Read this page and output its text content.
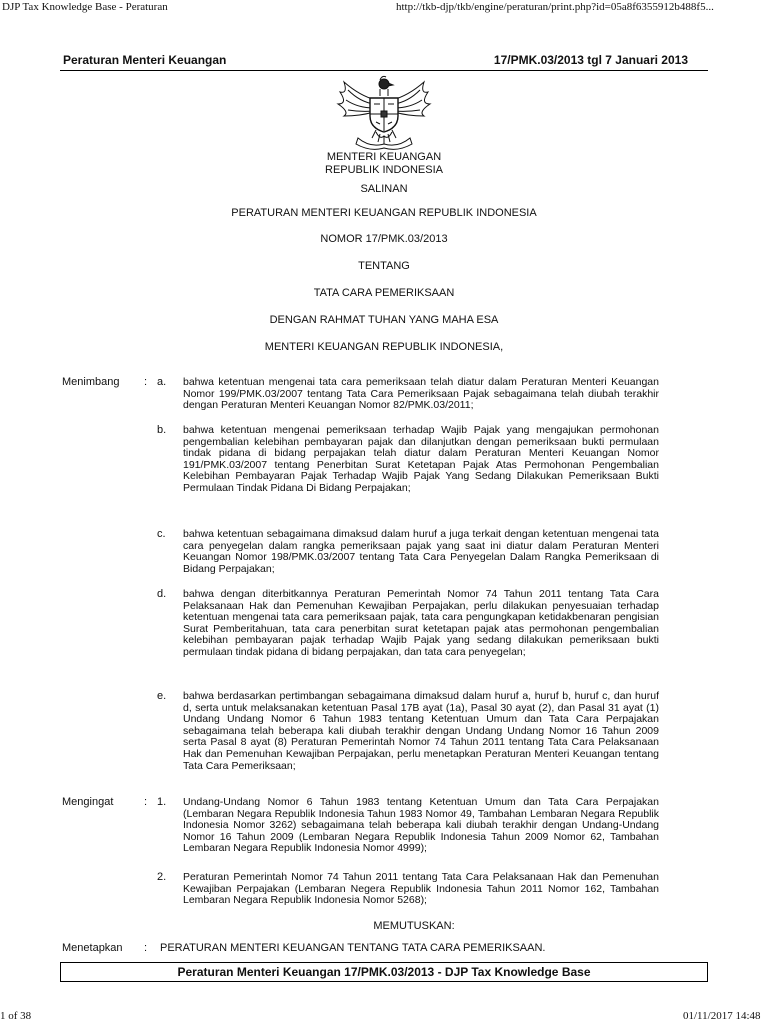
DJP Tax Knowledge Base - Peraturan	http://tkb-djp/tkb/engine/peraturan/print.php?id=05a8f6355912b488f5...
Peraturan Menteri Keuangan	17/PMK.03/2013 tgl 7 Januari 2013
MENTERI KEUANGAN
REPUBLIK INDONESIA
SALINAN
PERATURAN MENTERI KEUANGAN REPUBLIK INDONESIA
NOMOR 17/PMK.03/2013
TENTANG
TATA CARA PEMERIKSAAN
DENGAN RAHMAT TUHAN YANG MAHA ESA
MENTERI KEUANGAN REPUBLIK INDONESIA,
Menimbang : a. bahwa ketentuan mengenai tata cara pemeriksaan telah diatur dalam Peraturan Menteri Keuangan Nomor 199/PMK.03/2007 tentang Tata Cara Pemeriksaan Pajak sebagaimana telah diubah terakhir dengan Peraturan Menteri Keuangan Nomor 82/PMK.03/2011;
b. bahwa ketentuan mengenai pemeriksaan terhadap Wajib Pajak yang mengajukan permohonan pengembalian kelebihan pembayaran pajak dan dilanjutkan dengan pemeriksaan bukti permulaan tindak pidana di bidang perpajakan telah diatur dalam Peraturan Menteri Keuangan Nomor 191/PMK.03/2007 tentang Penerbitan Surat Ketetapan Pajak Atas Permohonan Pengembalian Kelebihan Pembayaran Pajak Terhadap Wajib Pajak Yang Sedang Dilakukan Pemeriksaan Bukti Permulaan Tindak Pidana Di Bidang Perpajakan;
c. bahwa ketentuan sebagaimana dimaksud dalam huruf a juga terkait dengan ketentuan mengenai tata cara penyegelan dalam rangka pemeriksaan pajak yang saat ini diatur dalam Peraturan Menteri Keuangan Nomor 198/PMK.03/2007 tentang Tata Cara Penyegelan Dalam Rangka Pemeriksaan di Bidang Perpajakan;
d. bahwa dengan diterbitkannya Peraturan Pemerintah Nomor 74 Tahun 2011 tentang Tata Cara Pelaksanaan Hak dan Pemenuhan Kewajiban Perpajakan, perlu dilakukan penyesuaian terhadap ketentuan mengenai tata cara pemeriksaan pajak, tata cara pengungkapan ketidakbenaran pengisian Surat Pemberitahuan, tata cara penerbitan surat ketetapan pajak atas permohonan pengembalian kelebihan pembayaran pajak terhadap Wajib Pajak yang sedang dilakukan pemeriksaan bukti permulaan tindak pidana di bidang perpajakan, dan tata cara penyegelan;
e. bahwa berdasarkan pertimbangan sebagaimana dimaksud dalam huruf a, huruf b, huruf c, dan huruf d, serta untuk melaksanakan ketentuan Pasal 17B ayat (1a), Pasal 30 ayat (2), dan Pasal 31 ayat (1) Undang Undang Nomor 6 Tahun 1983 tentang Ketentuan Umum dan Tata Cara Perpajakan sebagaimana telah beberapa kali diubah terakhir dengan Undang Undang Nomor 16 Tahun 2009 serta Pasal 8 ayat (8) Peraturan Pemerintah Nomor 74 Tahun 2011 tentang Tata Cara Pelaksanaan Hak dan Pemenuhan Kewajiban Perpajakan, perlu menetapkan Peraturan Menteri Keuangan tentang Tata Cara Pemeriksaan;
Mengingat	: 1. Undang-Undang Nomor 6 Tahun 1983 tentang Ketentuan Umum dan Tata Cara Perpajakan (Lembaran Negara Republik Indonesia Tahun 1983 Nomor 49, Tambahan Lembaran Negara Republik Indonesia Nomor 3262) sebagaimana telah beberapa kali diubah terakhir dengan Undang-Undang Nomor 16 Tahun 2009 (Lembaran Negara Republik Indonesia Tahun 2009 Nomor 62, Tambahan Lembaran Negara Republik Indonesia Nomor 4999);
2. Peraturan Pemerintah Nomor 74 Tahun 2011 tentang Tata Cara Pelaksanaan Hak dan Pemenuhan Kewajiban Perpajakan (Lembaran Negera Republik Indonesia Tahun 2011 Nomor 162, Tambahan Lembaran Negara Republik Indonesia Nomor 5268);
MEMUTUSKAN:
Menetapkan : PERATURAN MENTERI KEUANGAN TENTANG TATA CARA PEMERIKSAAN.
Peraturan Menteri Keuangan 17/PMK.03/2013 - DJP Tax Knowledge Base
1 of 38	01/11/2017 14:48
